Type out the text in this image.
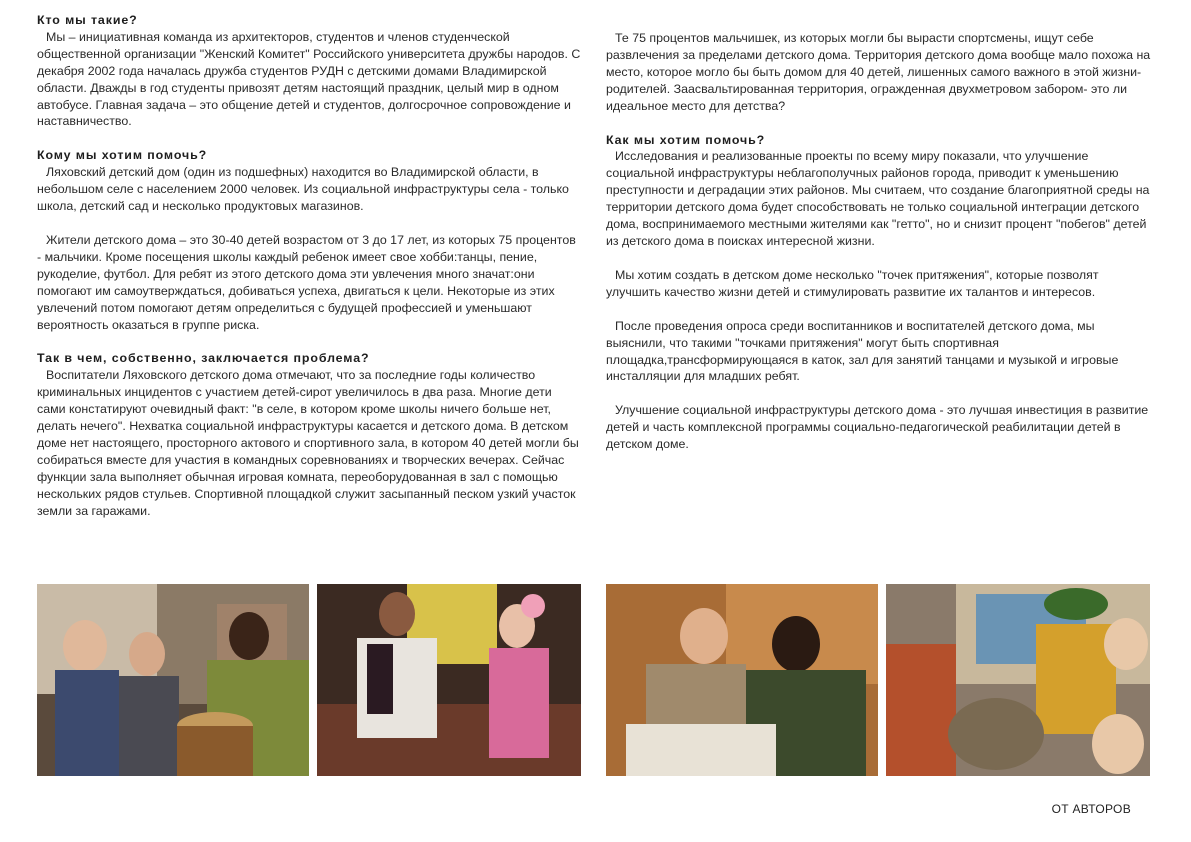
Кто мы такие?

Мы – инициативная команда из архитекторов, студентов и членов студенческой общественной организации "Женский Комитет" Российского университета дружбы народов. С декабря 2002 года началась дружба студентов РУДН с детскими домами Владимирской области. Дважды в год студенты привозят детям настоящий праздник, целый мир в одном автобусе. Главная задача – это общение детей и студентов, долгосрочное сопровождение и наставничество.

Кому мы хотим помочь?

Ляховский детский дом (один из подшефных) находится во Владимирской области, в небольшом селе с населением 2000 человек. Из социальной инфраструктуры села - только школа, детский сад и несколько продуктовых магазинов.

Жители детского дома – это 30-40 детей возрастом от 3 до 17 лет, из которых 75 процентов - мальчики. Кроме посещения школы каждый ребенок имеет свое хобби:танцы, пение, рукоделие, футбол. Для ребят из этого детского дома эти увлечения много значат:они помогают им самоутверждаться, добиваться успеха, двигаться к цели. Некоторые из этих увлечений потом помогают детям определиться с будущей профессией и уменьшают вероятность оказаться в группе риска.

Так в чем, собственно, заключается проблема?

Воспитатели Ляховского детского дома отмечают, что за последние годы количество криминальных инцидентов с участием детей-сирот увеличилось в два раза. Многие дети сами констатируют очевидный факт: "в селе, в котором кроме школы ничего больше нет, делать нечего". Нехватка социальной инфраструктуры касается и детского дома. В детском доме нет настоящего, просторного актового и спортивного зала, в котором 40 детей могли бы собираться вместе для участия в командных соревнованиях и творческих вечерах. Сейчас функции зала выполняет обычная игровая комната, переоборудованная в зал с помощью нескольких рядов стульев. Спортивной площадкой служит засыпанный песком узкий участок земли за гаражами.

Те 75 процентов мальчишек, из которых могли бы вырасти спортсмены, ищут себе развлечения за пределами детского дома. Территория детского дома вообще мало похожа на место, которое могло бы быть домом для 40 детей, лишенных самого важного в этой жизни- родителей. Заасвальтированная территория, огражденная двухметровом забором- это ли идеальное место для детства?

Как мы хотим помочь?

Исследования и реализованные проекты по всему миру показали, что улучшение социальной инфраструктуры неблагополучных районов города, приводит к уменьшению преступности и деградации этих районов. Мы считаем, что создание благоприятной среды на территории детского дома будет способствовать не только социальной интеграции детского дома, воспринимаемого местными жителями как "гетто", но и снизит процент "побегов" детей из детского дома в поисках интересной жизни.

Мы хотим создать в детском доме несколько "точек притяжения", которые позволят улучшить качество жизни детей и стимулировать развитие их талантов и интересов.

После проведения опроса среди воспитанников и воспитателей детского дома, мы выяснили, что такими "точками притяжения" могут быть спортивная площадка,трансформирующаяся в каток, зал для занятий танцами и музыкой и игровые инсталляции для младших ребят.

Улучшение социальной инфраструктуры детского дома - это лучшая инвестиция в развитие детей и часть комплексной программы социально-педагогической реабилитации детей в детском доме.

ОТ АВТОРОВ
